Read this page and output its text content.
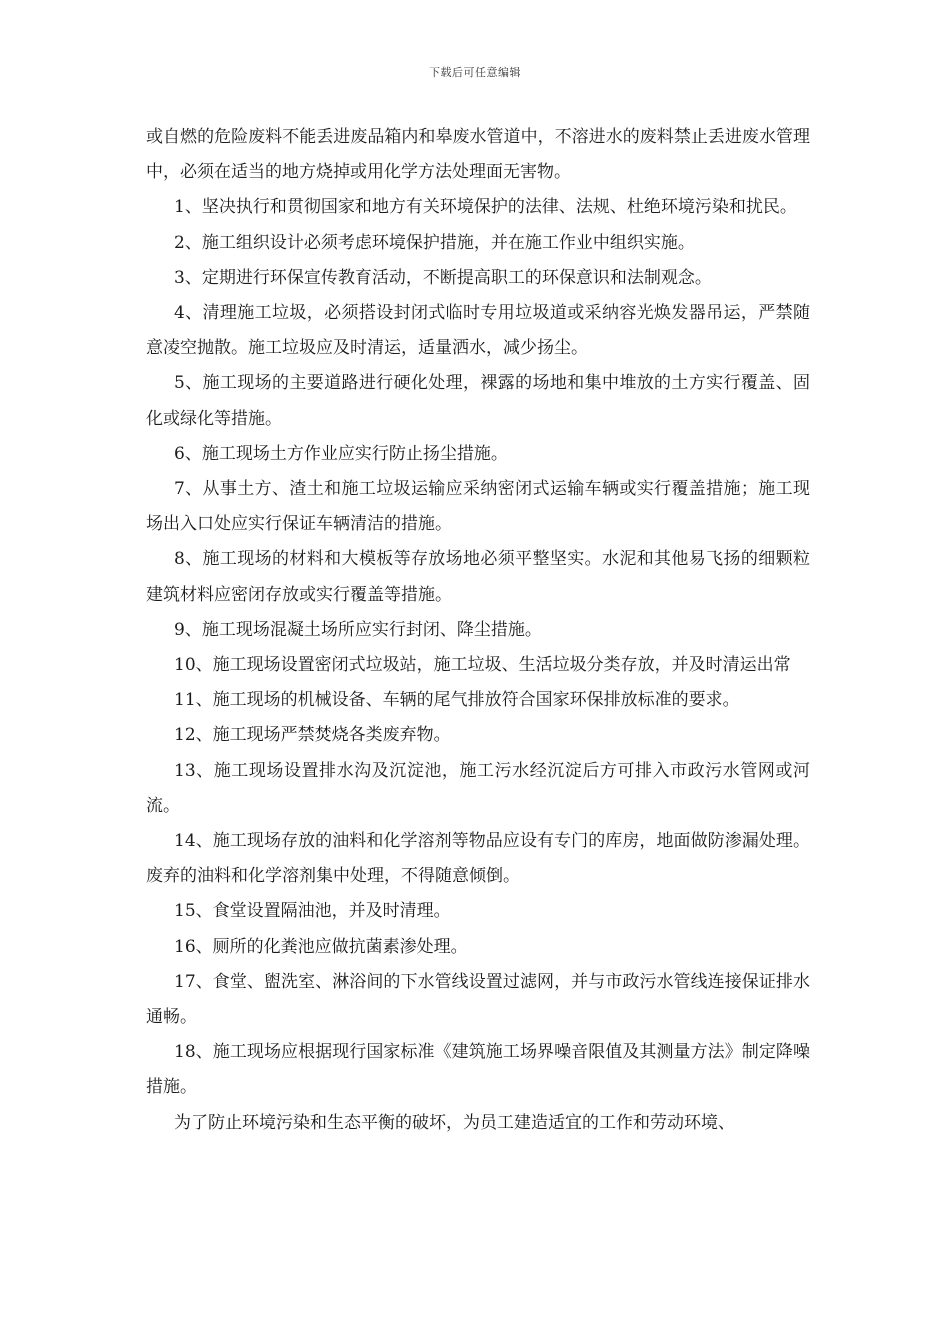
下载后可任意编辑

或自燃的危险废料不能丢进废品箱内和皋废水管道中，不溶进水的废料禁止丢进废水管理中，必须在适当的地方烧掉或用化学方法处理面无害物。

1、坚决执行和贯彻国家和地方有关环境保护的法律、法规、杜绝环境污染和扰民。

2、施工组织设计必须考虑环境保护措施，并在施工作业中组织实施。

3、定期进行环保宣传教育活动，不断提高职工的环保意识和法制观念。

4、清理施工垃圾，必须搭设封闭式临时专用垃圾道或采纳容光焕发器吊运，严禁随意凌空抛散。施工垃圾应及时清运，适量洒水，减少扬尘。

5、施工现场的主要道路进行硬化处理，裸露的场地和集中堆放的土方实行覆盖、固化或绿化等措施。

6、施工现场土方作业应实行防止扬尘措施。

7、从事土方、渣土和施工垃圾运输应采纳密闭式运输车辆或实行覆盖措施；施工现场出入口处应实行保证车辆清洁的措施。

8、施工现场的材料和大模板等存放场地必须平整坚实。水泥和其他易飞扬的细颗粒建筑材料应密闭存放或实行覆盖等措施。

9、施工现场混凝土场所应实行封闭、降尘措施。

10、施工现场设置密闭式垃圾站，施工垃圾、生活垃圾分类存放，并及时清运出常

11、施工现场的机械设备、车辆的尾气排放符合国家环保排放标准的要求。

12、施工现场严禁焚烧各类废弃物。

13、施工现场设置排水沟及沉淀池，施工污水经沉淀后方可排入市政污水管网或河流。

14、施工现场存放的油料和化学溶剂等物品应设有专门的库房，地面做防渗漏处理。废弃的油料和化学溶剂集中处理，不得随意倾倒。

15、食堂设置隔油池，并及时清理。

16、厕所的化粪池应做抗菌素渗处理。

17、食堂、盥洗室、淋浴间的下水管线设置过滤网，并与市政污水管线连接保证排水通畅。

18、施工现场应根据现行国家标准《建筑施工场界噪音限值及其测量方法》制定降噪措施。

为了防止环境污染和生态平衡的破坏，为员工建造适宜的工作和劳动环境、
